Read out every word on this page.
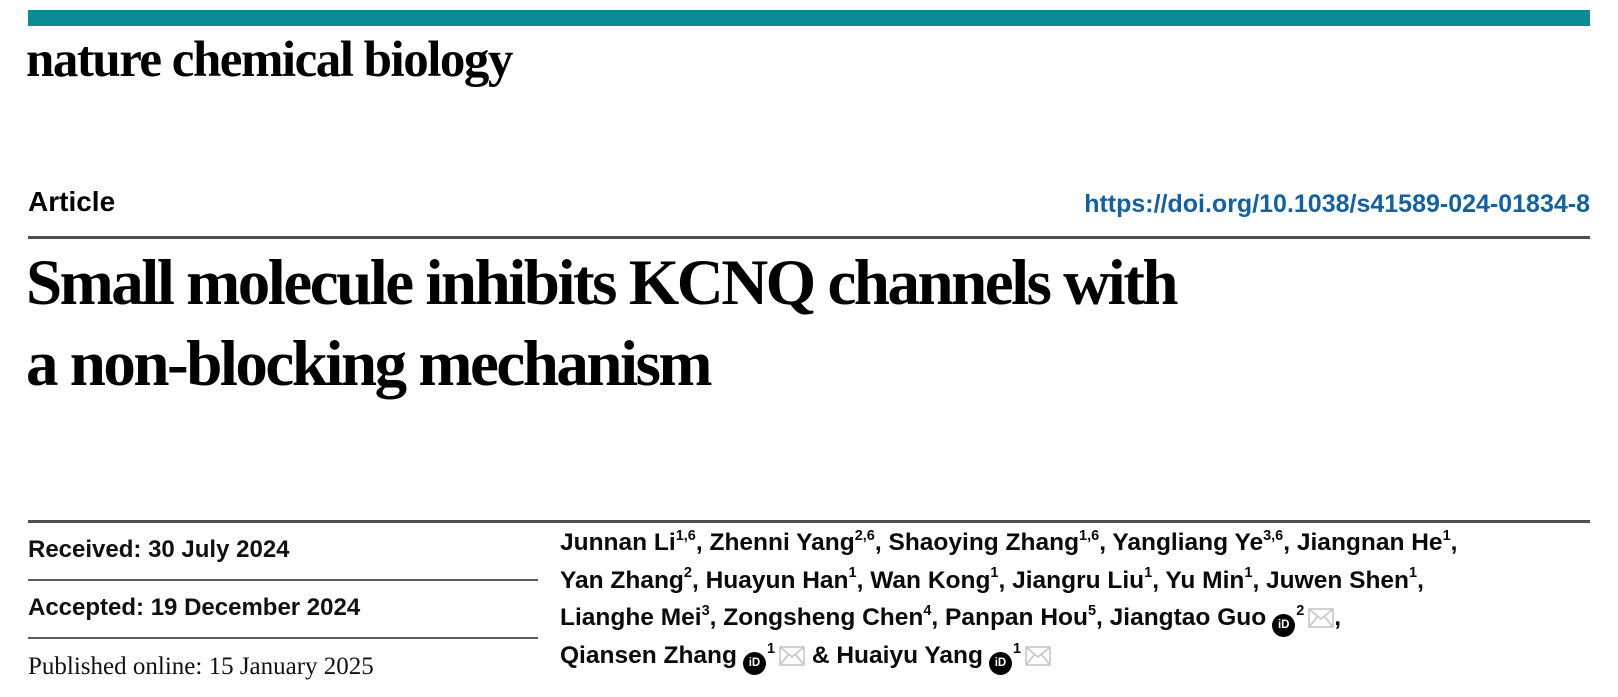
nature chemical biology
Article	https://doi.org/10.1038/s41589-024-01834-8
Small molecule inhibits KCNQ channels with
a non-blocking mechanism
Received: 30 July 2024
Accepted: 19 December 2024
Published online: 15 January 2025
Junnan Li$^{1,6}$, Zhenni Yang$^{2,6}$, Shaoying Zhang$^{1,6}$, Yangliang Ye$^{3,6}$, Jiangnan He$^1$,
Yan Zhang$^2$, Huayun Han$^1$, Wan Kong$^1$, Jiangru Liu$^1$, Yu Min$^1$, Juwen Shen$^1$,
Lianghe Mei$^3$, Zongsheng Chen$^4$, Panpan Hou$^5$, Jiangtao Guo $iD^2$ ,
Qiansen Zhang $iD^1$ & Huaiyu Yang $iD^1$
